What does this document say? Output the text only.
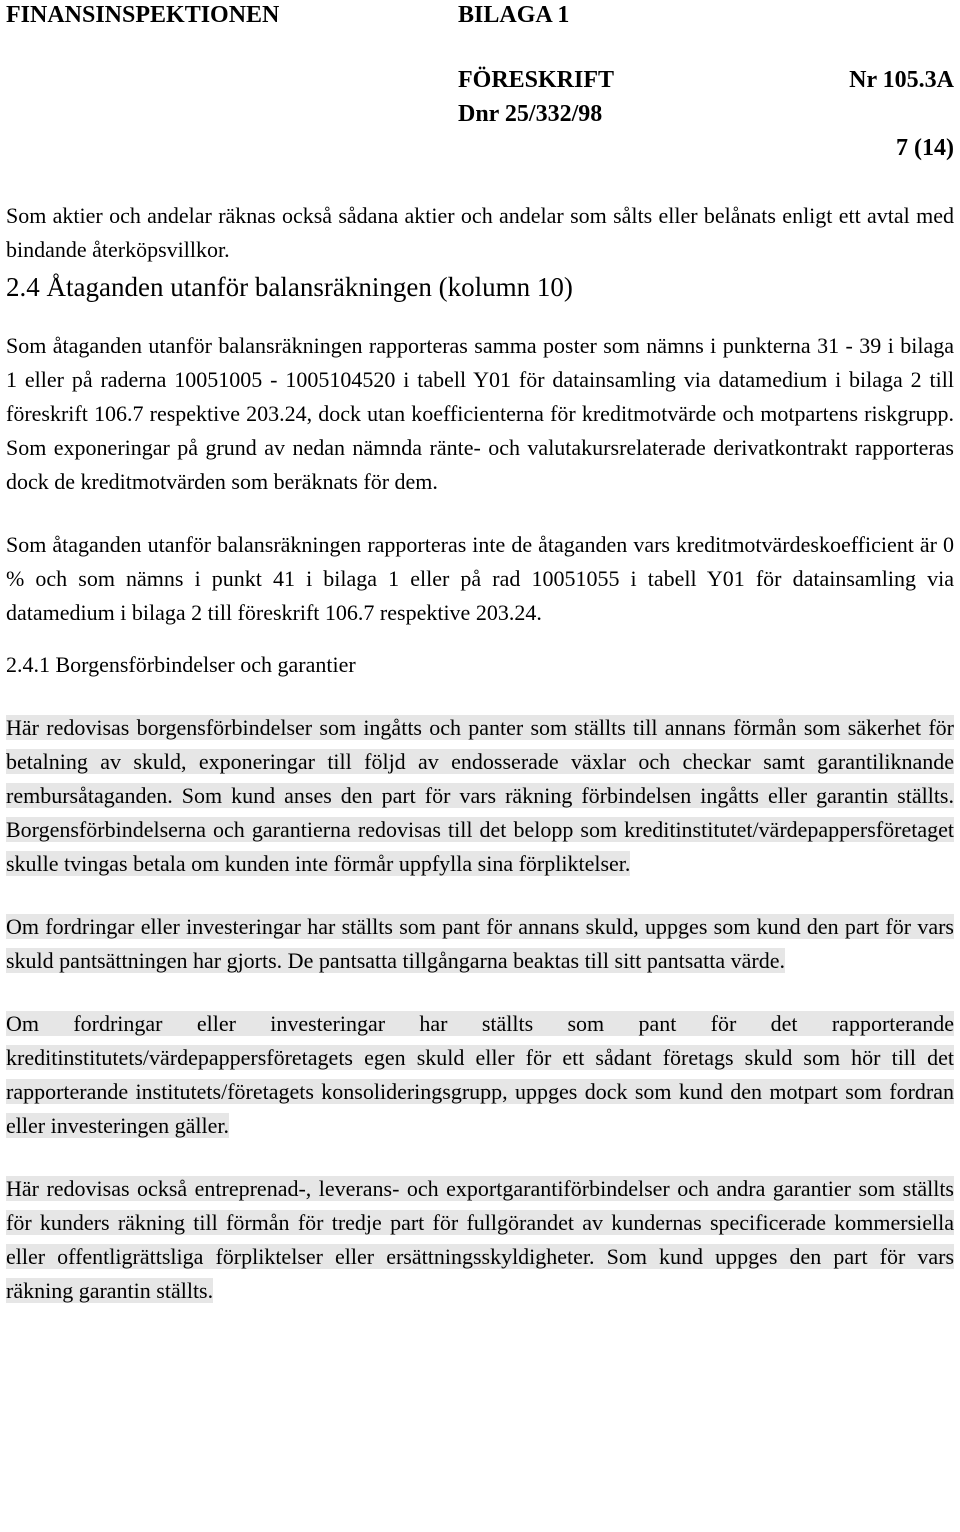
FINANSINSPEKTIONEN	BILAGA 1
FÖRESKRIFT	Nr 105.3A
Dnr 25/332/98
7 (14)

Som aktier och andelar räknas också sådana aktier och andelar som sålts eller belånats enligt ett avtal med bindande återköpsvillkor.

2.4 Åtaganden utanför balansräkningen (kolumn 10)

Som åtaganden utanför balansräkningen rapporteras samma poster som nämns i punkterna 31 - 39 i bilaga 1 eller på raderna 10051005 - 1005104520 i tabell Y01 för datainsamling via datamedium i bilaga 2 till föreskrift 106.7 respektive 203.24, dock utan koefficienterna för kreditmotvärde och motpartens riskgrupp. Som exponeringar på grund av nedan nämnda ränte- och valutakursrelaterade derivatkontrakt rapporteras dock de kreditmotvärden som beräknats för dem.

Som åtaganden utanför balansräkningen rapporteras inte de åtaganden vars kreditmotvärdeskoefficient är 0 % och som nämns i punkt 41 i bilaga 1 eller på rad 10051055 i tabell Y01 för datainsamling via datamedium i bilaga 2 till föreskrift 106.7 respektive 203.24.

2.4.1 Borgensförbindelser och garantier

Här redovisas borgensförbindelser som ingåtts och panter som ställts till annans förmån som säkerhet för betalning av skuld, exponeringar till följd av endosserade växlar och checkar samt garantiliknande rembursåtaganden. Som kund anses den part för vars räkning förbindelsen ingåtts eller garantin ställts. Borgensförbindelserna och garantierna redovisas till det belopp som kreditinstitutet/värdepappersföretaget skulle tvingas betala om kunden inte förmår uppfylla sina förpliktelser.

Om fordringar eller investeringar har ställts som pant för annans skuld, uppges som kund den part för vars skuld pantsättningen har gjorts. De pantsatta tillgångarna beaktas till sitt pantsatta värde.

Om fordringar eller investeringar har ställts som pant för det rapporterande kreditinstitutets/värdepappersföretagets egen skuld eller för ett sådant företags skuld som hör till det rapporterande institutets/företagets konsolideringsgrupp, uppges dock som kund den motpart som fordran eller investeringen gäller.

Här redovisas också entreprenad-, leverans- och exportgarantiförbindelser och andra garantier som ställts för kunders räkning till förmån för tredje part för fullgörandet av kundernas specificerade kommersiella eller offentligrättsliga förpliktelser eller ersättningsskyldigheter. Som kund uppges den part för vars räkning garantin ställts.
